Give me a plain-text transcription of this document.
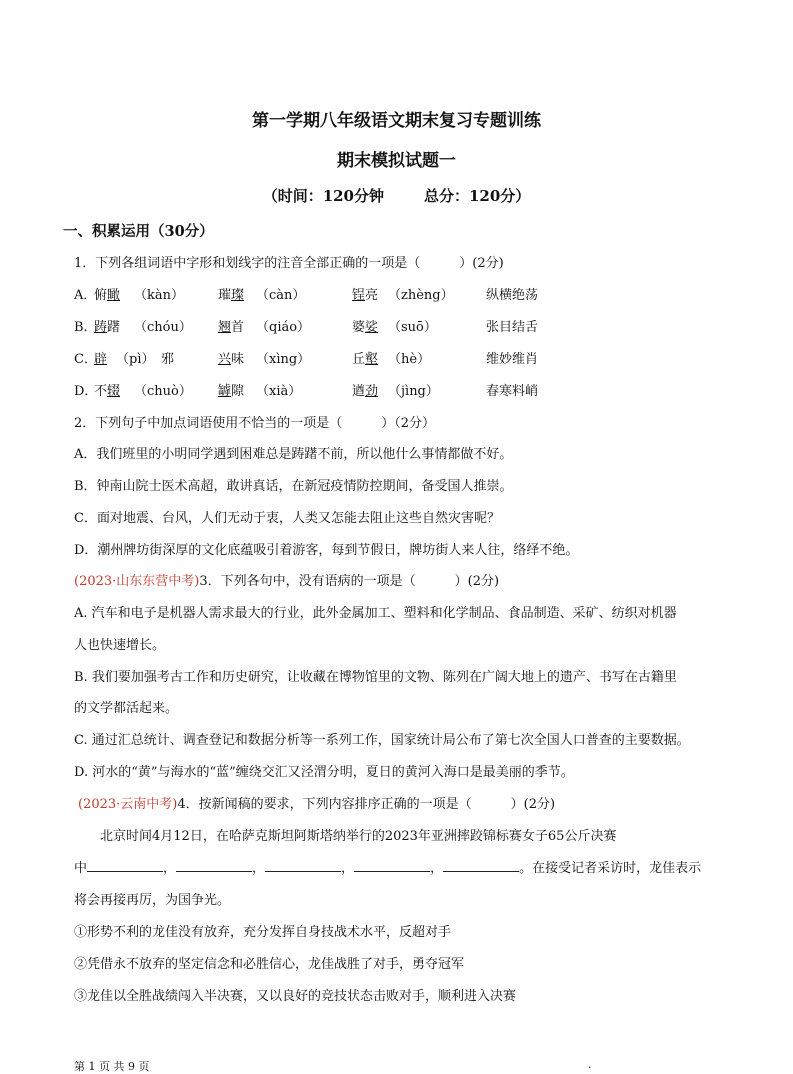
第一学期八年级语文期末复习专题训练
期末模拟试题一
（时间：120分钟	总分：120分）
一、积累运用（30分）
1．下列各组词语中字形和划线字的注音全部正确的一项是（　　　）(2分)
A．
俯瞰 （kàn）	璀璨 （càn）	锃亮 （zhèng） 纵横绝荡
B．
踌躇 （chóu） 翘首 （qiáo）	婆娑 （suō）	张目结舌
C．
辟 （pì）　邪	兴味 （xìng）	丘壑 （hè）	维妙维肖
D．
不辍 （chuò） 罅隙 （xià）	遒劲 （jìng）	春寒料峭
2．下列句子中加点词语使用不恰当的一项是（　　　）（2分）
A．我们班里的小明同学遇到困难总是踌躇不前，所以他什么事情都做不好。
B．钟南山院士医术高超，敢讲真话，在新冠疫情防控期间，备受国人推崇。
C．面对地震、台风，人们无动于衷，人类又怎能去阻止这些自然灾害呢？
D．潮州牌坊街深厚的文化底蕴吸引着游客，每到节假日，牌坊街人来人往，络绎不绝。
(2023·山东东营中考)3．下列各句中，没有语病的一项是（　　　）(2分)
A. 汽车和电子是机器人需求最大的行业，此外金属加工、塑料和化学制品、食品制造、采矿、纺织对机器
人也快速增长。
B. 我们要加强考古工作和历史研究，让收藏在博物馆里的文物、陈列在广阔大地上的遗产、书写在古籍里
的文学都活起来。
C. 通过汇总统计、调查登记和数据分析等一系列工作，国家统计局公布了第七次全国人口普查的主要数据。
D. 河水的“黄”与海水的“蓝”缠绕交汇又泾渭分明，夏日的黄河入海口是最美丽的季节。
(2023·云南中考)4．按新闻稿的要求，下列内容排序正确的一项是（　　　）(2分)
北京时间4月12日，在哈萨克斯坦阿斯塔纳举行的2023年亚洲摔跤锦标赛女子65公斤决赛
中	，	，	，	，	。在接受记者采访时，龙佳表示
将会再接再厉，为国争光。
①形势不利的龙佳没有放弃，充分发挥自身技战术水平，反超对手
②凭借永不放弃的坚定信念和必胜信心，龙佳战胜了对手，勇夺冠军
③龙佳以全胜战绩闯入半决赛，又以良好的竞技状态击败对手，顺利进入决赛
第 1 页 共 9 页	.
